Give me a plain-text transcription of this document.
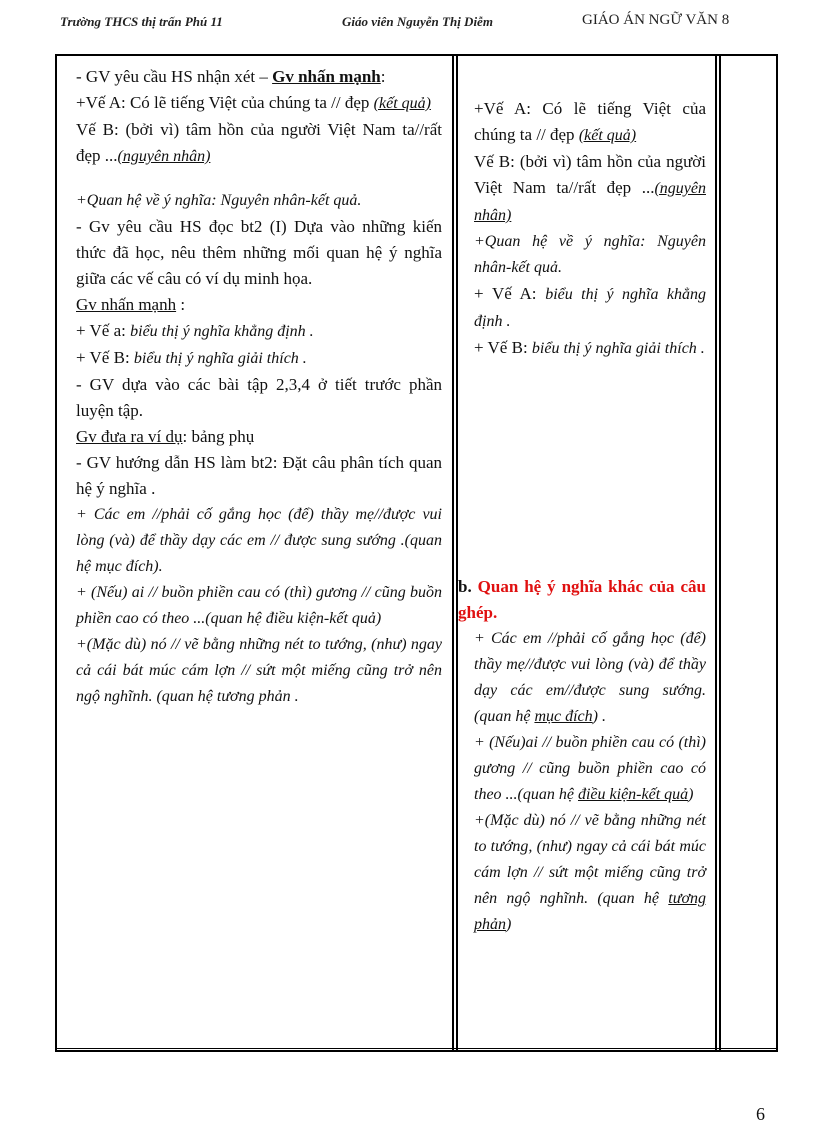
Trường THCS thị trấn Phú 11	Giáo viên Nguyễn Thị Diễm	GIÁO ÁN NGỮ VĂN 8

- GV yêu cầu HS nhận xét – Gv nhấn mạnh:

+Vế A: Có lẽ tiếng Việt của chúng ta // đẹp (kết quả)

Vế B: (bởi vì) tâm hồn của người Việt Nam ta//rất đẹp ...(nguyên nhân)

+Quan hệ về ý nghĩa: Nguyên nhân-kết quả.

- Gv yêu cầu HS đọc bt2 (I) Dựa vào những kiến thức đã học, nêu thêm những mối quan hệ ý nghĩa giữa các vế câu có ví dụ minh họa.

Gv nhấn mạnh :

+ Vế a: biểu thị ý nghĩa khẳng định .

+ Vế B: biểu thị ý nghĩa giải thích .

- GV dựa vào các bài tập 2,3,4 ở tiết trước phần luyện tập.

Gv đưa ra ví dụ: bảng phụ

- GV hướng dẫn HS làm bt2: Đặt câu phân tích quan hệ ý nghĩa .

+ Các em //phải cố gắng học (để) thầy mẹ//được vui lòng (và) để thầy dạy các em // được sung sướng .(quan hệ mục đích).

+ (Nếu) ai // buồn phiền cau có (thì) gương // cũng buồn phiền cao có theo ...(quan hệ điều kiện-kết quả)

+(Mặc dù) nó // vẽ bằng những nét to tướng, (như) ngay cả cái bát múc cám lợn // sứt một miếng cũng trở nên ngộ nghĩnh. (quan hệ tương phản .

+Vế A: Có lẽ tiếng Việt của chúng ta // đẹp (kết quả)

Vế B: (bởi vì) tâm hồn của người Việt Nam ta//rất đẹp ...(nguyên nhân)

+Quan hệ về ý nghĩa: Nguyên nhân-kết quả.

+ Vế A: biểu thị ý nghĩa khẳng định .

+ Vế B: biểu thị ý nghĩa giải thích .

b. Quan hệ ý nghĩa khác của câu ghép.

+ Các em //phải cố gắng học (để) thầy mẹ//được vui lòng (và) để thầy dạy các em//được sung sướng.(quan hệ mục đích) .

+ (Nếu)ai // buồn phiền cau có (thì) gương // cũng buồn phiền cao có theo ...(quan hệ điều kiện-kết quả)

+(Mặc dù) nó // vẽ bằng những nét to tướng, (như) ngay cả cái bát múc cám lợn // sứt một miếng cũng trở nên ngộ nghĩnh. (quan hệ tương phản)

6
